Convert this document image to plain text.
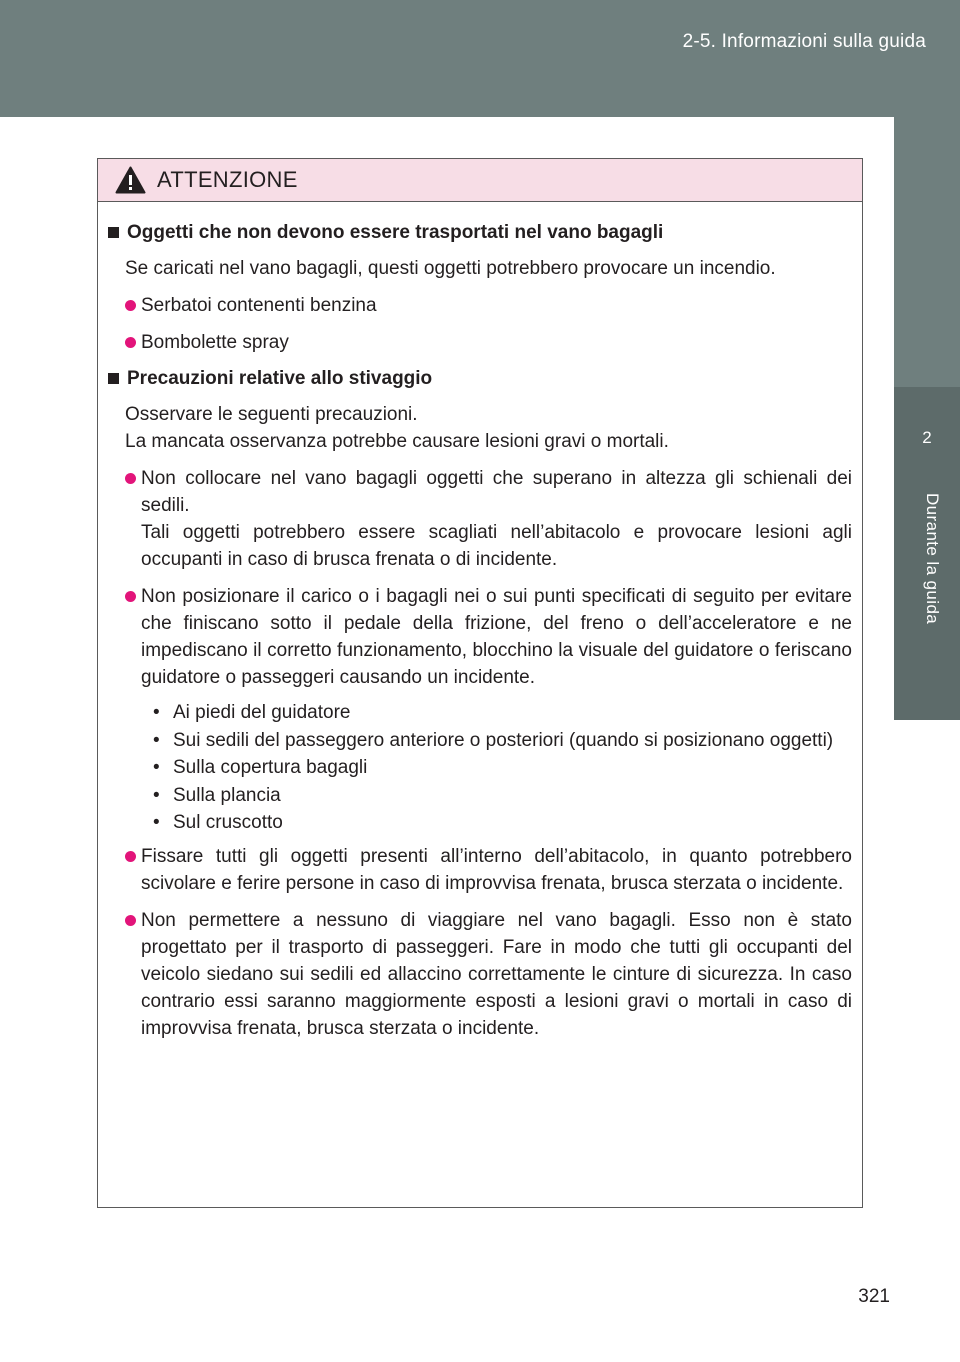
2-5. Informazioni sulla guida
2
Durante la guida
ATTENZIONE
Oggetti che non devono essere trasportati nel vano bagagli
Se caricati nel vano bagagli, questi oggetti potrebbero provocare un incendio.
Serbatoi contenenti benzina
Bombolette spray
Precauzioni relative allo stivaggio
Osservare le seguenti precauzioni.
La mancata osservanza potrebbe causare lesioni gravi o mortali.
Non collocare nel vano bagagli oggetti che superano in altezza gli schienali dei sedili.
Tali oggetti potrebbero essere scagliati nell’abitacolo e provocare lesioni agli occupanti in caso di brusca frenata o di incidente.
Non posizionare il carico o i bagagli nei o sui punti specificati di seguito per evitare che finiscano sotto il pedale della frizione, del freno o dell’acceleratore e ne impediscano il corretto funzionamento, blocchino la visuale del guidatore o feriscano guidatore o passeggeri causando un incidente.
• Ai piedi del guidatore
• Sui sedili del passeggero anteriore o posteriori (quando si posizionano oggetti)
• Sulla copertura bagagli
• Sulla plancia
• Sul cruscotto
Fissare tutti gli oggetti presenti all’interno dell’abitacolo, in quanto potrebbero scivolare e ferire persone in caso di improvvisa frenata, brusca sterzata o incidente.
Non permettere a nessuno di viaggiare nel vano bagagli. Esso non è stato progettato per il trasporto di passeggeri. Fare in modo che tutti gli occupanti del veicolo siedano sui sedili ed allaccino correttamente le cinture di sicurezza. In caso contrario essi saranno maggiormente esposti a lesioni gravi o mortali in caso di improvvisa frenata, brusca sterzata o incidente.
321
